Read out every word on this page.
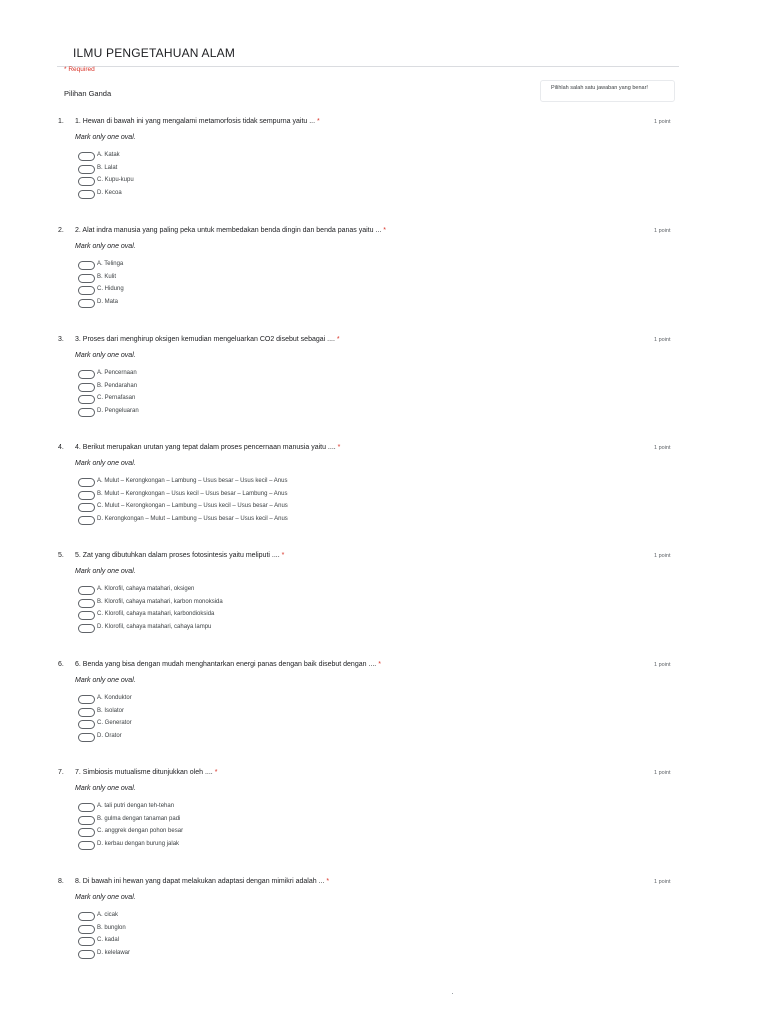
ILMU PENGETAHUAN ALAM
* Required
Pilihan Ganda
Pilihlah salah satu jawaban yang benar!
1. 1. Hewan di bawah ini yang mengalami metamorfosis tidak sempurna yaitu ... *	1 point
Mark only one oval.
A. Katak
B. Lalat
C. Kupu-kupu
D. Kecoa
2. 2. Alat indra manusia yang paling peka untuk membedakan benda dingin dan benda panas yaitu ... *	1 point
Mark only one oval.
A. Telinga
B. Kulit
C. Hidung
D. Mata
3. 3. Proses dari menghirup oksigen kemudian mengeluarkan CO2 disebut sebagai .... *	1 point
Mark only one oval.
A. Pencernaan
B. Pendarahan
C. Pernafasan
D. Pengeluaran
4. 4. Berikut merupakan urutan yang tepat dalam proses pencernaan manusia yaitu .... *	1 point
Mark only one oval.
A. Mulut – Kerongkongan – Lambung – Usus besar – Usus kecil – Anus
B. Mulut – Kerongkongan – Usus kecil – Usus besar – Lambung – Anus
C. Mulut – Kerongkongan – Lambung – Usus kecil – Usus besar – Anus
D. Kerongkongan – Mulut – Lambung – Usus besar – Usus kecil – Anus
5. 5. Zat yang dibutuhkan dalam proses fotosintesis yaitu meliputi .... *	1 point
Mark only one oval.
A. Klorofil, cahaya matahari, oksigen
B. Klorofil, cahaya matahari, karbon monoksida
C. Klorofil, cahaya matahari, karbondioksida
D. Klorofil, cahaya matahari, cahaya lampu
6. 6. Benda yang bisa dengan mudah menghantarkan energi panas dengan baik disebut dengan .... *	1 point
Mark only one oval.
A. Konduktor
B. Isolator
C. Generator
D. Orator
7. 7. Simbiosis mutualisme ditunjukkan oleh .... *	1 point
Mark only one oval.
A. tali putri dengan teh-tehan
B. gulma dengan tanaman padi
C. anggrek dengan pohon besar
D. kerbau dengan burung jalak
8. 8. Di bawah ini hewan yang dapat melakukan adaptasi dengan mimikri adalah ... *	1 point
Mark only one oval.
A. cicak
B. bunglon
C. kadal
D. kelelawar
